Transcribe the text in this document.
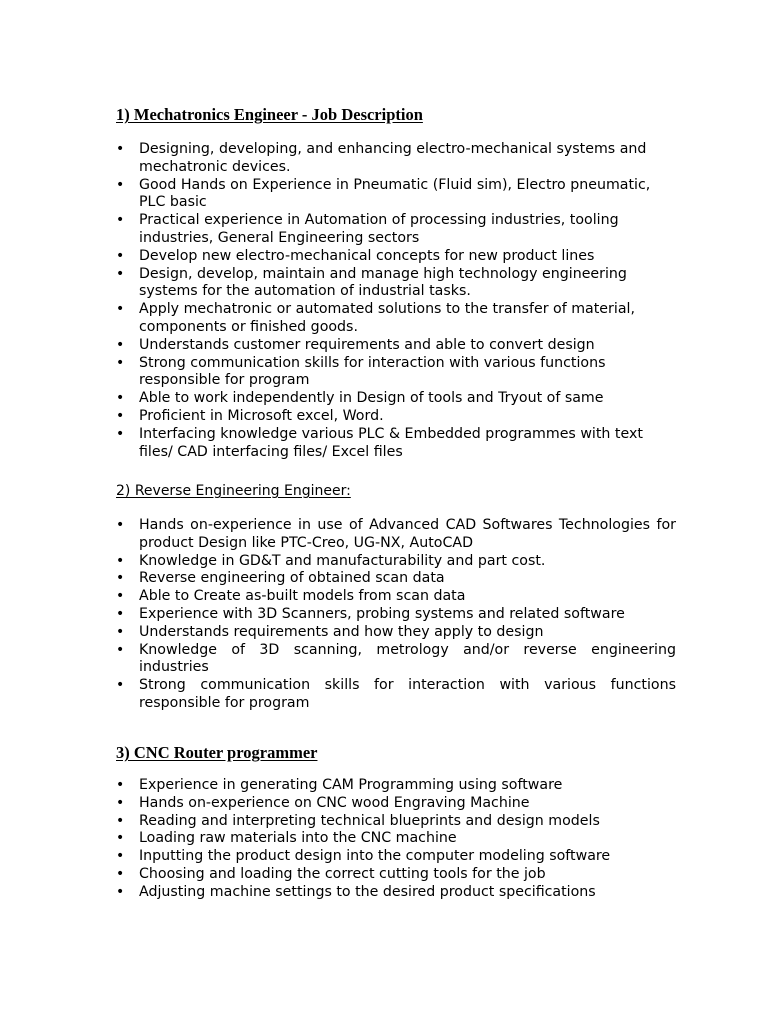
1) Mechatronics Engineer - Job Description
• Designing, developing, and enhancing electro-mechanical systems and mechatronic devices.
• Good Hands on Experience in Pneumatic (Fluid sim), Electro pneumatic, PLC basic
• Practical experience in Automation of processing industries, tooling industries, General Engineering sectors
• Develop new electro-mechanical concepts for new product lines
• Design, develop, maintain and manage high technology engineering systems for the automation of industrial tasks.
• Apply mechatronic or automated solutions to the transfer of material, components or finished goods.
• Understands customer requirements and able to convert design
• Strong communication skills for interaction with various functions responsible for program
• Able to work independently in Design of tools and Tryout of same
• Proficient in Microsoft excel, Word.
• Interfacing knowledge various PLC & Embedded programmes with text files/ CAD interfacing files/ Excel files
2) Reverse Engineering Engineer:
• Hands on-experience in use of Advanced CAD Softwares Technologies for product Design like PTC-Creo, UG-NX, AutoCAD
• Knowledge in GD&T and manufacturability and part cost.
• Reverse engineering of obtained scan data
• Able to Create as-built models from scan data
• Experience with 3D Scanners, probing systems and related software
• Understands requirements and how they apply to design
• Knowledge of 3D scanning, metrology and/or reverse engineering industries
• Strong communication skills for interaction with various functions responsible for program
3) CNC Router programmer
• Experience in generating CAM Programming using software
• Hands on-experience on CNC wood Engraving Machine
• Reading and interpreting technical blueprints and design models
• Loading raw materials into the CNC machine
• Inputting the product design into the computer modeling software
• Choosing and loading the correct cutting tools for the job
• Adjusting machine settings to the desired product specifications
